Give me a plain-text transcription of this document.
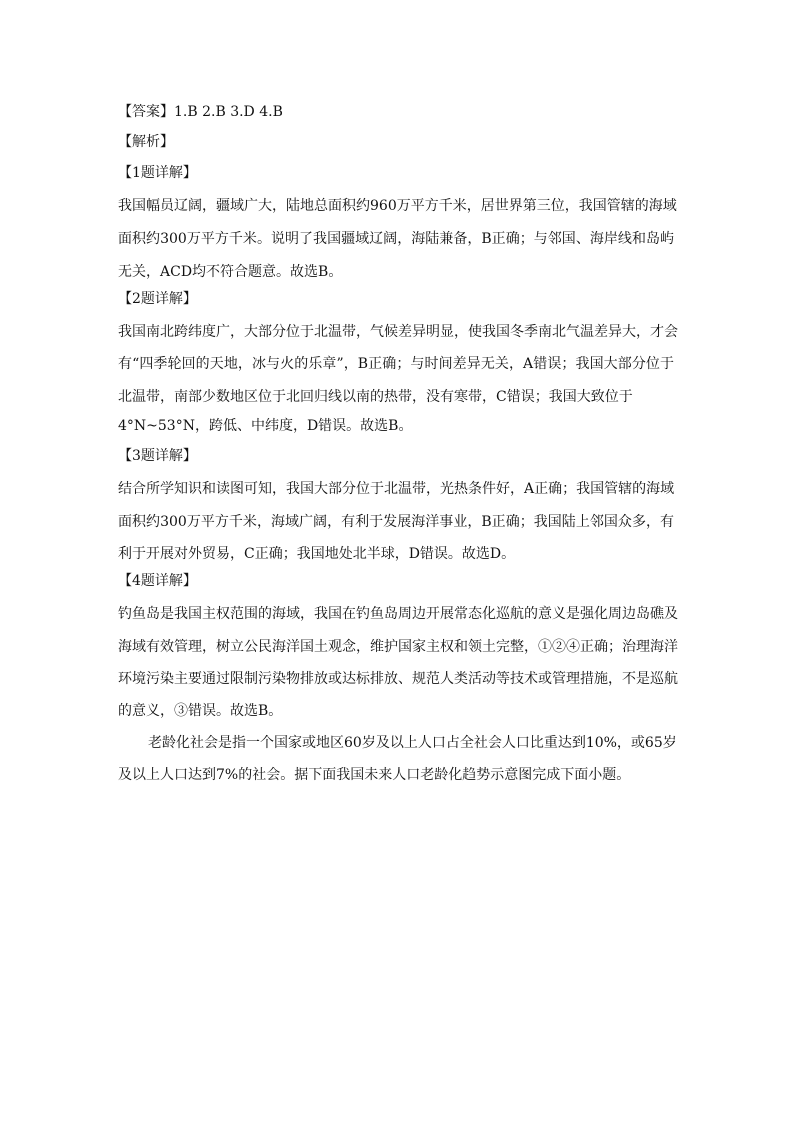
【答案】1.B 2.B 3.D 4.B
【解析】
【1题详解】
我国幅员辽阔，疆域广大，陆地总面积约960万平方千米，居世界第三位，我国管辖的海域
面积约300万平方千米。说明了我国疆域辽阔，海陆兼备，B正确；与邻国、海岸线和岛屿
无关，ACD均不符合题意。故选B。
【2题详解】
我国南北跨纬度广，大部分位于北温带，气候差异明显，使我国冬季南北气温差异大，才会
有“四季轮回的天地，冰与火的乐章”，B正确；与时间差异无关，A错误；我国大部分位于
北温带，南部少数地区位于北回归线以南的热带，没有寒带，C错误；我国大致位于
4°N~53°N，跨低、中纬度，D错误。故选B。
【3题详解】
结合所学知识和读图可知，我国大部分位于北温带，光热条件好，A正确；我国管辖的海域
面积约300万平方千米，海域广阔，有利于发展海洋事业，B正确；我国陆上邻国众多，有
利于开展对外贸易，C正确；我国地处北半球，D错误。故选D。
【4题详解】
钓鱼岛是我国主权范围的海域，我国在钓鱼岛周边开展常态化巡航的意义是强化周边岛礁及
海域有效管理，树立公民海洋国土观念，维护国家主权和领土完整，①②④正确；治理海洋
环境污染主要通过限制污染物排放或达标排放、规范人类活动等技术或管理措施，不是巡航
的意义，③错误。故选B。
老龄化社会是指一个国家或地区60岁及以上人口占全社会人口比重达到10%，或65岁
及以上人口达到7%的社会。据下面我国未来人口老龄化趋势示意图完成下面小题。
